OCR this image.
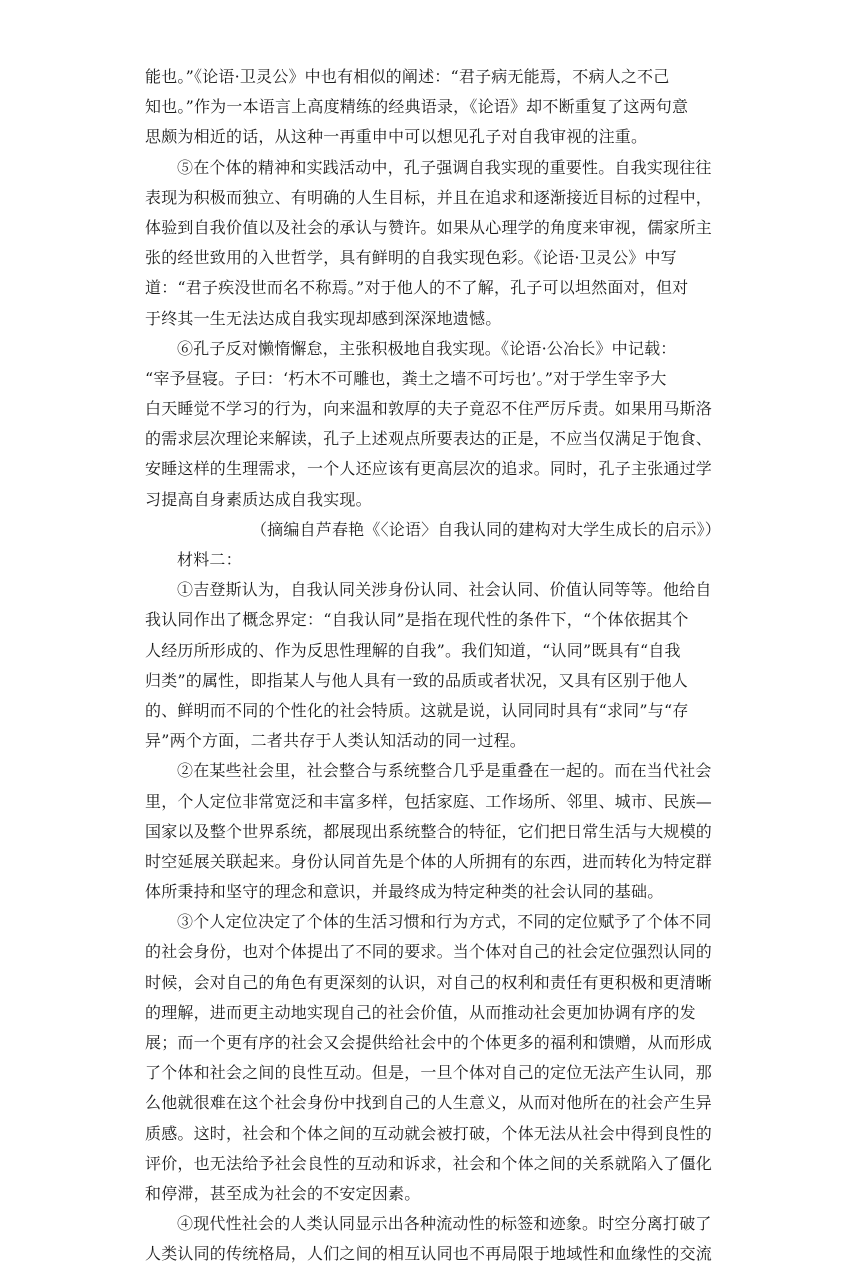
能也。”《论语·卫灵公》中也有相似的阐述：“君子病无能焉，不病人之不己
知也。”作为一本语言上高度精练的经典语录，《论语》却不断重复了这两句意
思颇为相近的话，从这种一再重申中可以想见孔子对自我审视的注重。
⑤在个体的精神和实践活动中，孔子强调自我实现的重要性。自我实现往往
表现为积极而独立、有明确的人生目标，并且在追求和逐渐接近目标的过程中，
体验到自我价值以及社会的承认与赞许。如果从心理学的角度来审视，儒家所主
张的经世致用的入世哲学，具有鲜明的自我实现色彩。《论语·卫灵公》中写
道：“君子疾没世而名不称焉。”对于他人的不了解，孔子可以坦然面对，但对
于终其一生无法达成自我实现却感到深深地遗憾。
⑥孔子反对懒惰懈怠，主张积极地自我实现。《论语·公冶长》中记载：
“宰予昼寝。子曰：‘朽木不可雕也，粪土之墙不可圬也’。”对于学生宰予大
白天睡觉不学习的行为，向来温和敦厚的夫子竟忍不住严厉斥责。如果用马斯洛
的需求层次理论来解读，孔子上述观点所要表达的正是，不应当仅满足于饱食、
安睡这样的生理需求，一个人还应该有更高层次的追求。同时，孔子主张通过学
习提高自身素质达成自我实现。
（摘编自芦春艳《〈论语〉自我认同的建构对大学生成长的启示》）
材料二：
①吉登斯认为，自我认同关涉身份认同、社会认同、价值认同等等。他给自
我认同作出了概念界定：“自我认同”是指在现代性的条件下，“个体依据其个
人经历所形成的、作为反思性理解的自我”。我们知道，“认同”既具有“自我
归类”的属性，即指某人与他人具有一致的品质或者状况，又具有区别于他人
的、鲜明而不同的个性化的社会特质。这就是说，认同同时具有“求同”与“存
异”两个方面，二者共存于人类认知活动的同一过程。
②在某些社会里，社会整合与系统整合几乎是重叠在一起的。而在当代社会
里，个人定位非常宽泛和丰富多样，包括家庭、工作场所、邻里、城市、民族—
国家以及整个世界系统，都展现出系统整合的特征，它们把日常生活与大规模的
时空延展关联起来。身份认同首先是个体的人所拥有的东西，进而转化为特定群
体所秉持和坚守的理念和意识，并最终成为特定种类的社会认同的基础。
③个人定位决定了个体的生活习惯和行为方式，不同的定位赋予了个体不同
的社会身份，也对个体提出了不同的要求。当个体对自己的社会定位强烈认同的
时候，会对自己的角色有更深刻的认识，对自己的权利和责任有更积极和更清晰
的理解，进而更主动地实现自己的社会价值，从而推动社会更加协调有序的发
展；而一个更有序的社会又会提供给社会中的个体更多的福利和馈赠，从而形成
了个体和社会之间的良性互动。但是，一旦个体对自己的定位无法产生认同，那
么他就很难在这个社会身份中找到自己的人生意义，从而对他所在的社会产生异
质感。这时，社会和个体之间的互动就会被打破，个体无法从社会中得到良性的
评价，也无法给予社会良性的互动和诉求，社会和个体之间的关系就陷入了僵化
和停滞，甚至成为社会的不安定因素。
④现代性社会的人类认同显示出各种流动性的标签和迹象。时空分离打破了
人类认同的传统格局，人们之间的相互认同也不再局限于地域性和血缘性的交流
